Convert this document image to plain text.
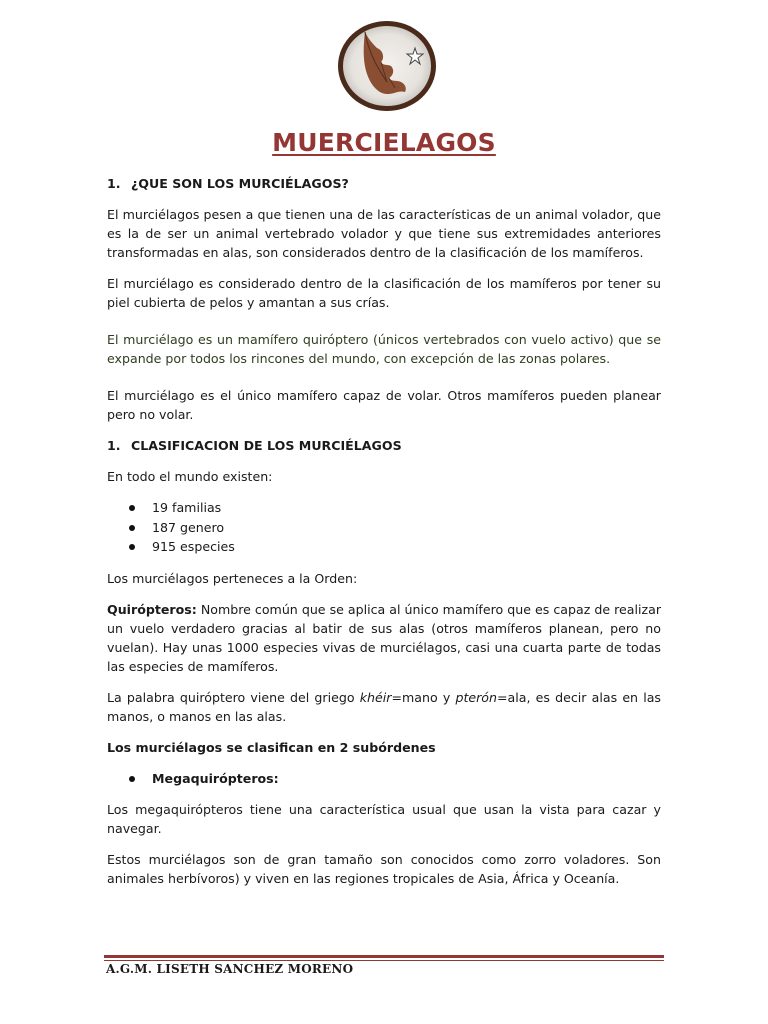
MUERCIELAGOS

1. ¿QUE SON LOS MURCIÉLAGOS?

El murciélagos pesen a que tienen una de las características de un animal volador, que es la de ser un animal vertebrado volador y que tiene sus extremidades anteriores transformadas en alas, son considerados dentro de la clasificación de los mamíferos.

El murciélago es considerado dentro de la clasificación de los mamíferos por tener su piel cubierta de pelos y amantan a sus crías.

El murciélago es un mamífero quiróptero (únicos vertebrados con vuelo activo) que se expande por todos los rincones del mundo, con excepción de las zonas polares.

El murciélago es el único mamífero capaz de volar. Otros mamíferos pueden planear pero no volar.

1. CLASIFICACION DE LOS MURCIÉLAGOS

En todo el mundo existen:

19 familias
187 genero
915 especies

Los murciélagos perteneces a la Orden:

Quirópteros: Nombre común que se aplica al único mamífero que es capaz de realizar un vuelo verdadero gracias al batir de sus alas (otros mamíferos planean, pero no vuelan). Hay unas 1000 especies vivas de murciélagos, casi una cuarta parte de todas las especies de mamíferos.

La palabra quiróptero viene del griego khéir=mano y pterón=ala, es decir alas en las manos, o manos en las alas.

Los murciélagos se clasifican en 2 subórdenes

Megaquirópteros:

Los megaquirópteros tiene una característica usual que usan la vista para cazar y navegar.

Estos murciélagos son de gran tamaño son conocidos como zorro voladores. Son animales herbívoros) y viven en las regiones tropicales de Asia, África y Oceanía.

A.G.M. LISETH SANCHEZ MORENO
